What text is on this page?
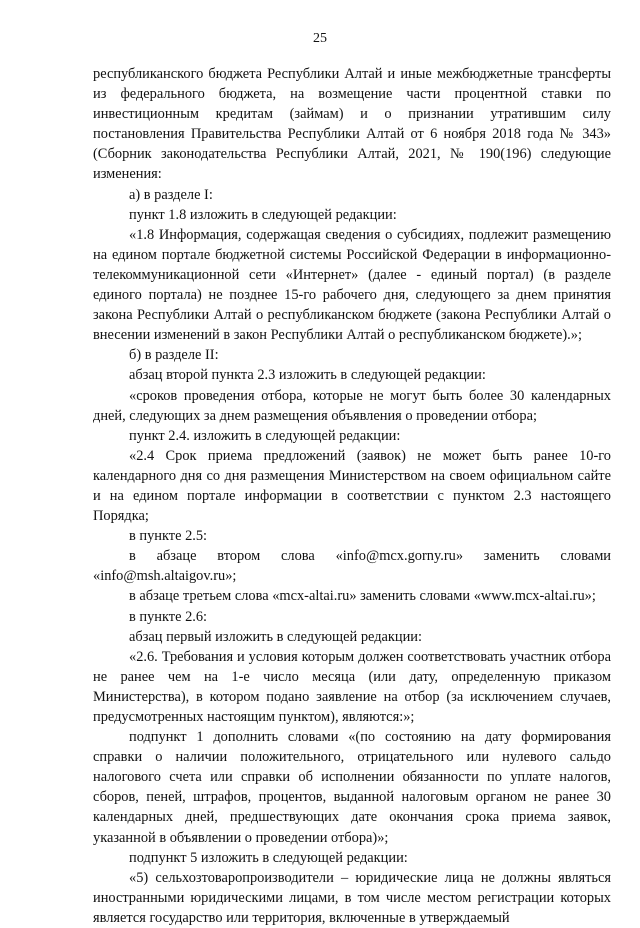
25

республиканского бюджета Республики Алтай и иные межбюджетные трансферты из федерального бюджета, на возмещение части процентной ставки по инвестиционным кредитам (займам) и о признании утратившим силу постановления Правительства Республики Алтай от 6 ноября 2018 года № 343» (Сборник законодательства Республики Алтай, 2021, № 190(196) следующие изменения:

а) в разделе I:

пункт 1.8 изложить в следующей редакции:

«1.8 Информация, содержащая сведения о субсидиях, подлежит размещению на едином портале бюджетной системы Российской Федерации в информационно-телекоммуникационной сети «Интернет» (далее - единый портал) (в разделе единого портала) не позднее 15-го рабочего дня, следующего за днем принятия закона Республики Алтай о республиканском бюджете (закона Республики Алтай о внесении изменений в закон Республики Алтай о республиканском бюджете).»;

б) в разделе II:

абзац второй пункта 2.3 изложить в следующей редакции:

«сроков проведения отбора, которые не могут быть более 30 календарных дней, следующих за днем размещения объявления о проведении отбора;

пункт 2.4. изложить в следующей редакции:

«2.4 Срок приема предложений (заявок) не может быть ранее 10-го календарного дня со дня размещения Министерством на своем официальном сайте и на едином портале информации в соответствии с пунктом 2.3 настоящего Порядка;

в пункте 2.5:

в абзаце втором слова «info@mcx.gorny.ru» заменить словами «info@msh.altaigov.ru»;

в абзаце третьем слова «mcx-altai.ru» заменить словами «www.mcx-altai.ru»;

в пункте 2.6:

абзац первый изложить в следующей редакции:

«2.6. Требования и условия которым должен соответствовать участник отбора не ранее чем на 1-е число месяца (или дату, определенную приказом Министерства), в котором подано заявление на отбор (за исключением случаев, предусмотренных настоящим пунктом), являются:»;

подпункт 1 дополнить словами «(по состоянию на дату формирования справки о наличии положительного, отрицательного или нулевого сальдо налогового счета или справки об исполнении обязанности по уплате налогов, сборов, пеней, штрафов, процентов, выданной налоговым органом не ранее 30 календарных дней, предшествующих дате окончания срока приема заявок, указанной в объявлении о проведении отбора)»;

подпункт 5 изложить в следующей редакции:

«5) сельхозтоваропроизводители – юридические лица не должны являться иностранными юридическими лицами, в том числе местом регистрации которых является государство или территория, включенные в утверждаемый
